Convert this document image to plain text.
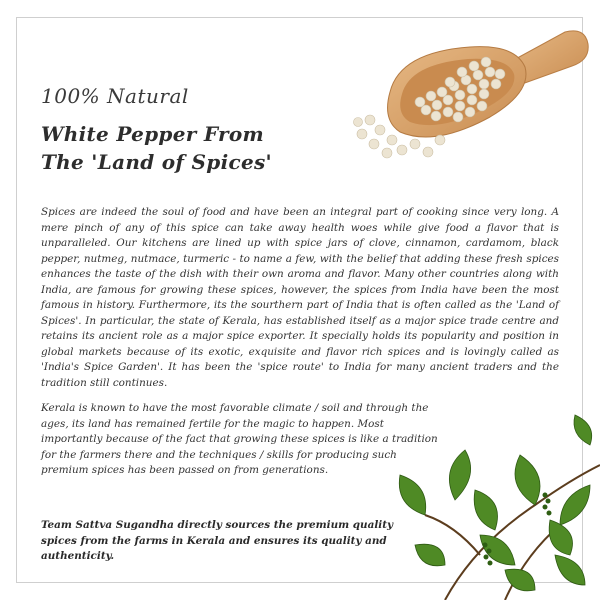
100% Natural
White Pepper From
The 'Land of Spices'
Spices are indeed the soul of food and have been an integral part of cooking since very long. A mere pinch of any of this spice can take away health woes while give food a flavor that is unparalleled. Our kitchens are lined up with spice jars of clove, cinnamon, cardamom, black pepper, nutmeg, nutmace, turmeric - to name a few, with the belief that adding these fresh spices enhances the taste of the dish with their own aroma and flavor. Many other countries along with India, are famous for growing these spices, however, the spices from India have been the most famous in history. Furthermore, its the sourthern part of India that is often called as the 'Land of Spices'. In particular, the state of Kerala, has established itself as a major spice trade centre and retains its ancient role as a major spice exporter. It specially holds its popularity and position in global markets because of its exotic, exquisite and flavor rich spices and is lovingly called as 'India's Spice Garden'. It has been the 'spice route' to India for many ancient traders and the tradition still continues.
Kerala is known to have the most favorable climate / soil and through the ages, its land has remained fertile for the magic to happen. Most importantly because of the fact that growing these spices is like a tradition for the farmers there and the techniques / skills for producing such premium spices has been passed on from generations.
Team Sattva Sugandha directly sources the premium quality spices from the farms in Kerala and ensures its quality and authenticity.
